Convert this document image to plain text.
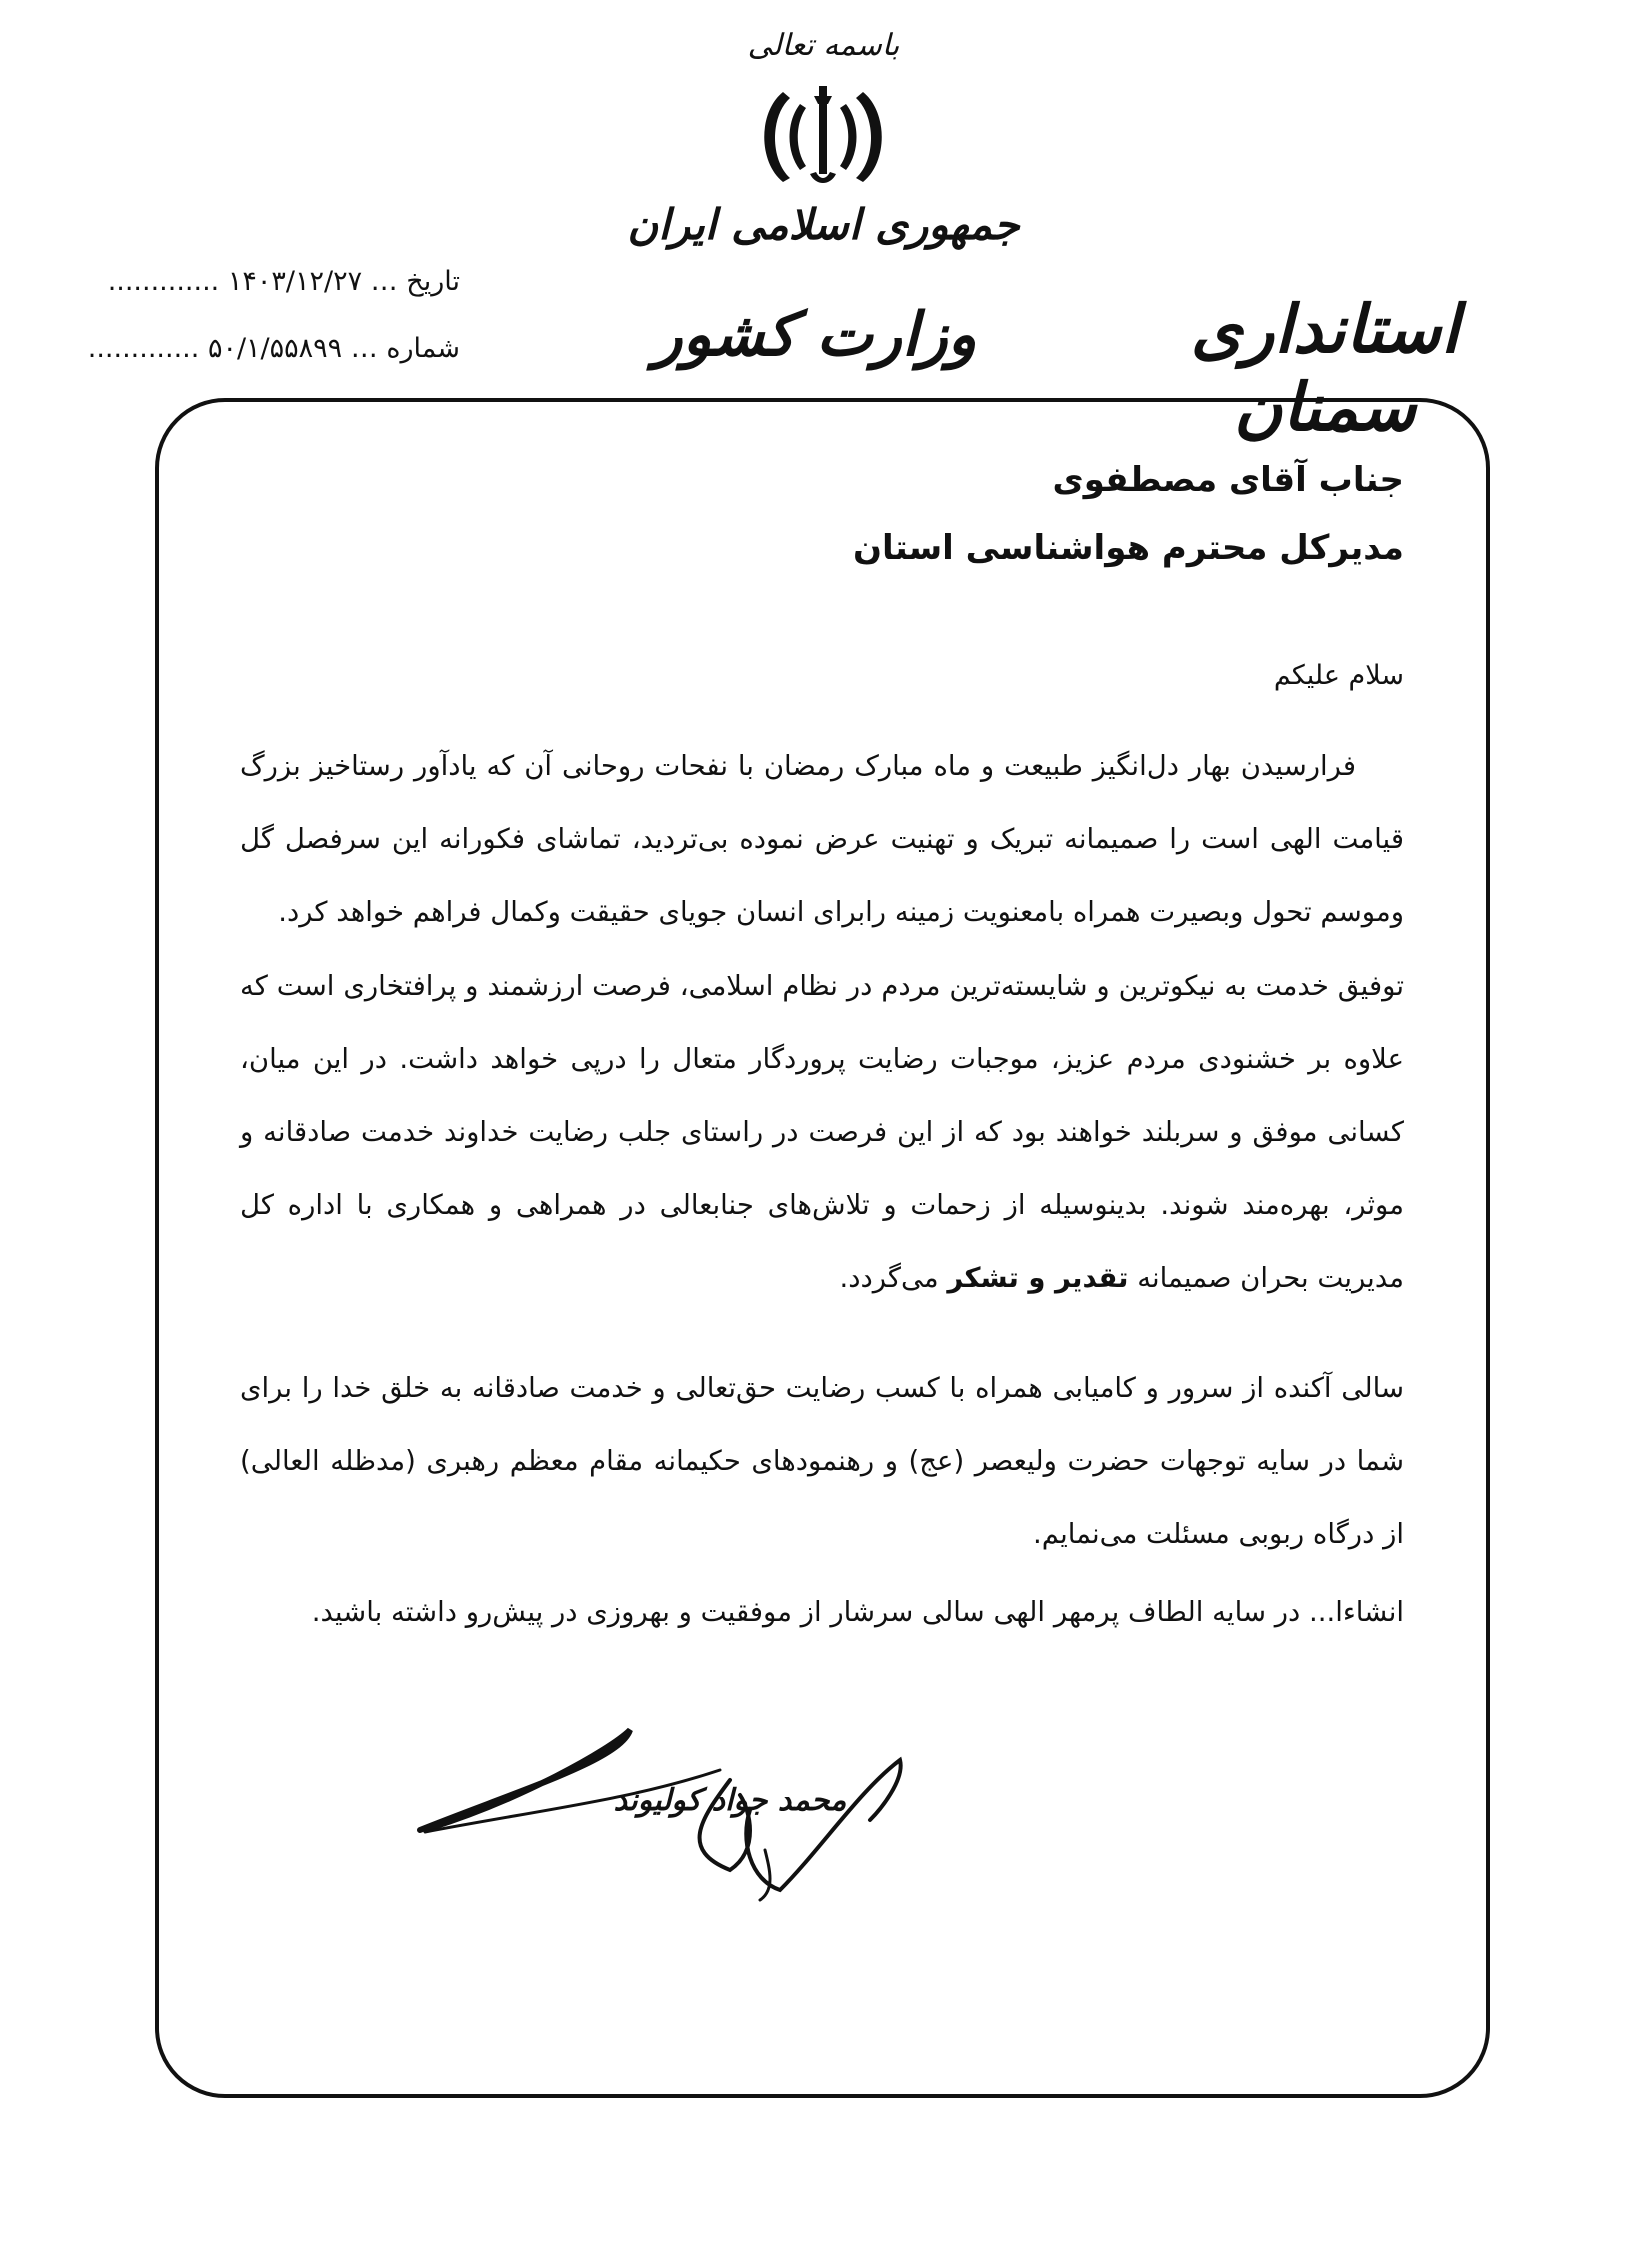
باسمه تعالی
جمهوری اسلامی ایران
استانداری سمنان
وزارت کشور
تاریخ … ۱۴۰۳/۱۲/۲۷ .............
شماره … ۵۰/۱/۵۵۸۹۹ .............
جناب آقای مصطفوی
مدیرکل محترم هواشناسی استان
سلام علیکم

فرارسیدن بهار دل‌انگیز طبیعت و ماه مبارک رمضان با نفحات روحانی آن که یادآور رستاخیز بزرگ قیامت الهی است را صمیمانه تبریک و تهنیت عرض نموده بی‌تردید، تماشای فکورانه این سرفصل گل وموسم تحول وبصیرت همراه بامعنویت زمینه رابرای انسان جویای حقیقت وکمال فراهم خواهد کرد.

توفیق خدمت به نیکوترین و شایسته‌ترین مردم در نظام اسلامی، فرصت ارزشمند و پرافتخاری است که علاوه بر خشنودی مردم عزیز، موجبات رضایت پروردگار متعال را درپی خواهد داشت. در این میان، کسانی موفق و سربلند خواهند بود که از این فرصت در راستای جلب رضایت خداوند خدمت صادقانه و موثر، بهره‌مند شوند. بدینوسیله از زحمات و تلاش‌های جنابعالی در همراهی و همکاری با اداره کل مدیریت بحران صمیمانه تقدیر و تشکر می‌گردد.

سالی آکنده از سرور و کامیابی همراه با کسب رضایت حق‌تعالی و خدمت صادقانه به خلق خدا را برای شما در سایه توجهات حضرت ولیعصر (عج) و رهنمودهای حکیمانه مقام معظم رهبری (مدظله العالی) از درگاه ربوبی مسئلت می‌نمایم.

انشاءا... در سایه الطاف پرمهر الهی سالی سرشار از موفقیت و بهروزی در پیش‌رو داشته باشید.

محمد جواد کولیوند
